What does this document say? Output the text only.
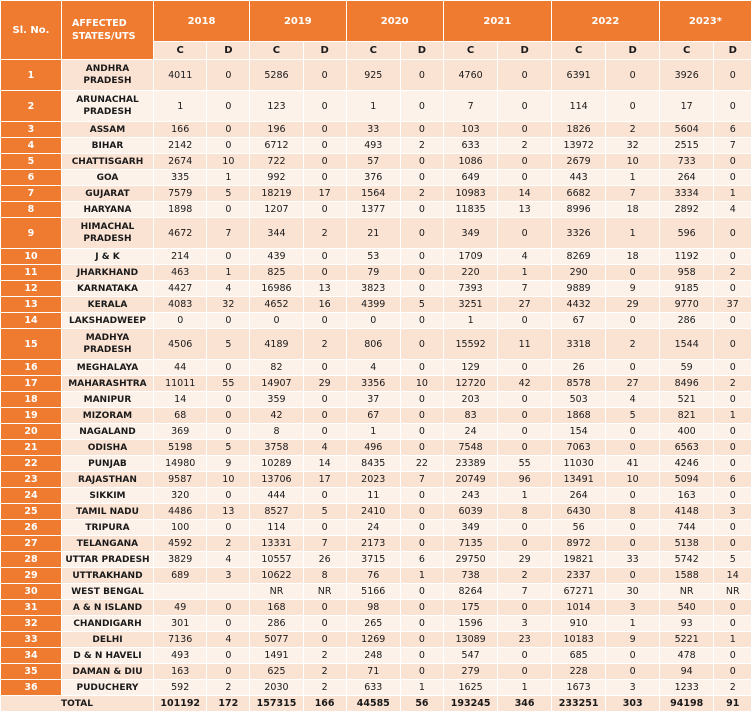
Sl. No.	AFFECTED STATES/UTS	2018		2019		2020		2021		2022		2023*	
		C	D	C	D	C	D	C	D	C	D	C	D
1	ANDHRA PRADESH	4011	0	5286	0	925	0	4760	0	6391	0	3926	0
2	ARUNACHAL PRADESH	1	0	123	0	1	0	7	0	114	0	17	0
3	ASSAM	166	0	196	0	33	0	103	0	1826	2	5604	6
4	BIHAR	2142	0	6712	0	493	2	633	2	13972	32	2515	7
5	CHATTISGARH	2674	10	722	0	57	0	1086	0	2679	10	733	0
6	GOA	335	1	992	0	376	0	649	0	443	1	264	0
7	GUJARAT	7579	5	18219	17	1564	2	10983	14	6682	7	3334	1
8	HARYANA	1898	0	1207	0	1377	0	11835	13	8996	18	2892	4
9	HIMACHAL PRADESH	4672	7	344	2	21	0	349	0	3326	1	596	0
10	J & K	214	0	439	0	53	0	1709	4	8269	18	1192	0
11	JHARKHAND	463	1	825	0	79	0	220	1	290	0	958	2
12	KARNATAKA	4427	4	16986	13	3823	0	7393	7	9889	9	9185	0
13	KERALA	4083	32	4652	16	4399	5	3251	27	4432	29	9770	37
14	LAKSHADWEEP	0	0	0	0	0	0	1	0	67	0	286	0
15	MADHYA PRADESH	4506	5	4189	2	806	0	15592	11	3318	2	1544	0
16	MEGHALAYA	44	0	82	0	4	0	129	0	26	0	59	0
17	MAHARASHTRA	11011	55	14907	29	3356	10	12720	42	8578	27	8496	2
18	MANIPUR	14	0	359	0	37	0	203	0	503	4	521	0
19	MIZORAM	68	0	42	0	67	0	83	0	1868	5	821	1
20	NAGALAND	369	0	8	0	1	0	24	0	154	0	400	0
21	ODISHA	5198	5	3758	4	496	0	7548	0	7063	0	6563	0
22	PUNJAB	14980	9	10289	14	8435	22	23389	55	11030	41	4246	0
23	RAJASTHAN	9587	10	13706	17	2023	7	20749	96	13491	10	5094	6
24	SIKKIM	320	0	444	0	11	0	243	1	264	0	163	0
25	TAMIL NADU	4486	13	8527	5	2410	0	6039	8	6430	8	4148	3
26	TRIPURA	100	0	114	0	24	0	349	0	56	0	744	0
27	TELANGANA	4592	2	13331	7	2173	0	7135	0	8972	0	5138	0
28	UTTAR PRADESH	3829	4	10557	26	3715	6	29750	29	19821	33	5742	5
29	UTTRAKHAND	689	3	10622	8	76	1	738	2	2337	0	1588	14
30	WEST BENGAL			NR	NR	5166	0	8264	7	67271	30	NR	NR
31	A & N ISLAND	49	0	168	0	98	0	175	0	1014	3	540	0
32	CHANDIGARH	301	0	286	0	265	0	1596	3	910	1	93	0
33	DELHI	7136	4	5077	0	1269	0	13089	23	10183	9	5221	1
34	D & N HAVELI	493	0	1491	2	248	0	547	0	685	0	478	0
35	DAMAN & DIU	163	0	625	2	71	0	279	0	228	0	94	0
36	PUDUCHERY	592	2	2030	2	633	1	1625	1	1673	3	1233	2
TOTAL		101192	172	157315	166	44585	56	193245	346	233251	303	94198	91
